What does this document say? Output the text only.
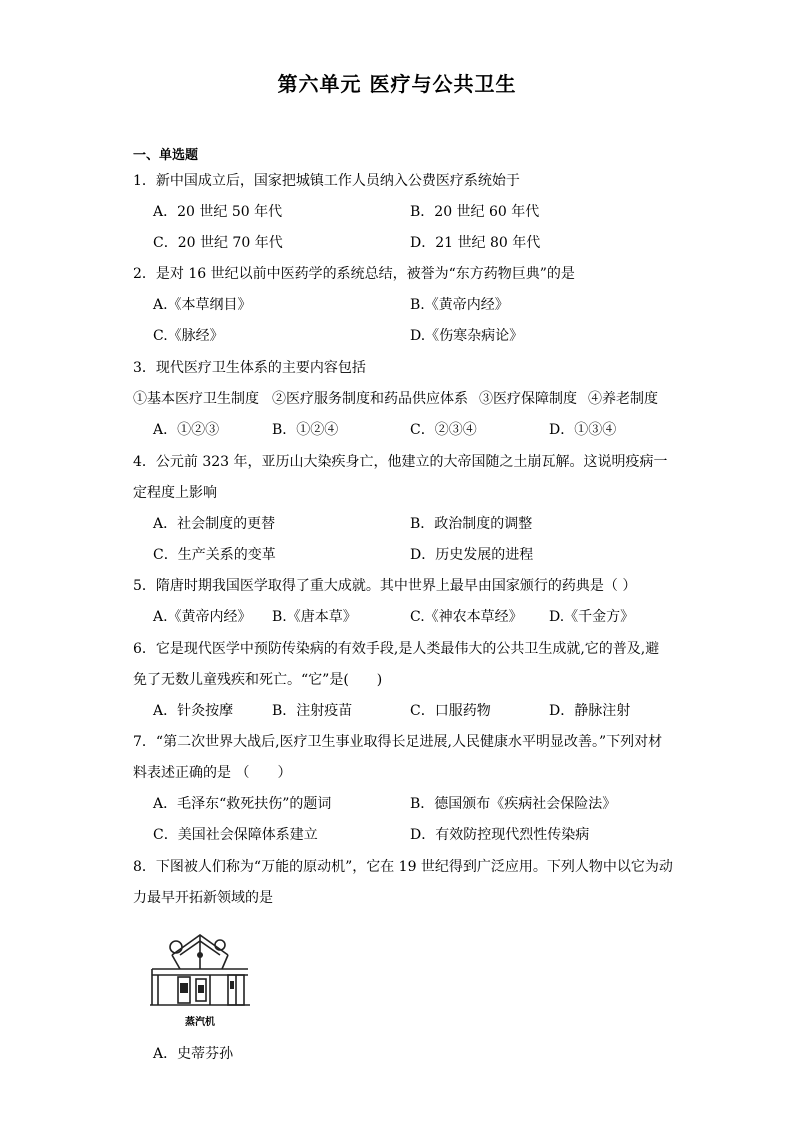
第六单元 医疗与公共卫生
一、单选题
1．新中国成立后，国家把城镇工作人员纳入公费医疗系统始于
A．20 世纪 50 年代	B．20 世纪 60 年代
C．20 世纪 70 年代	D．21 世纪 80 年代
2．是对 16 世纪以前中医药学的系统总结，被誉为“东方药物巨典”的是
A.《本草纲目》	B.《黄帝内经》
C.《脉经》	D.《伤寒杂病论》
3．现代医疗卫生体系的主要内容包括
①基本医疗卫生制度 ②医疗服务制度和药品供应体系 ③医疗保障制度 ④养老制度
A．①②③	B．①②④	C．②③④	D．①③④
4．公元前 323 年，亚历山大染疾身亡，他建立的大帝国随之土崩瓦解。这说明疫病一
定程度上影响
A．社会制度的更替	B．政治制度的调整
C．生产关系的变革	D．历史发展的进程
5．隋唐时期我国医学取得了重大成就。其中世界上最早由国家颁行的药典是（ ）
A.《黄帝内经》 B.《唐本草》	C.《神农本草经》 D.《千金方》
6．它是现代医学中预防传染病的有效手段,是人类最伟大的公共卫生成就,它的普及,避
免了无数儿童残疾和死亡。“它”是(　　)
A．针灸按摩	B．注射疫苗	C．口服药物	D．静脉注射
7．“第二次世界大战后,医疗卫生事业取得长足进展,人民健康水平明显改善。”下列对材
料表述正确的是 （　　）
A．毛泽东“救死扶伤”的题词	B．德国颁布《疾病社会保险法》
C．美国社会保障体系建立	D．有效防控现代烈性传染病
8．下图被人们称为“万能的原动机”，它在 19 世纪得到广泛应用。下列人物中以它为动
力最早开拓新领域的是
蒸汽机
A．史蒂芬孙
